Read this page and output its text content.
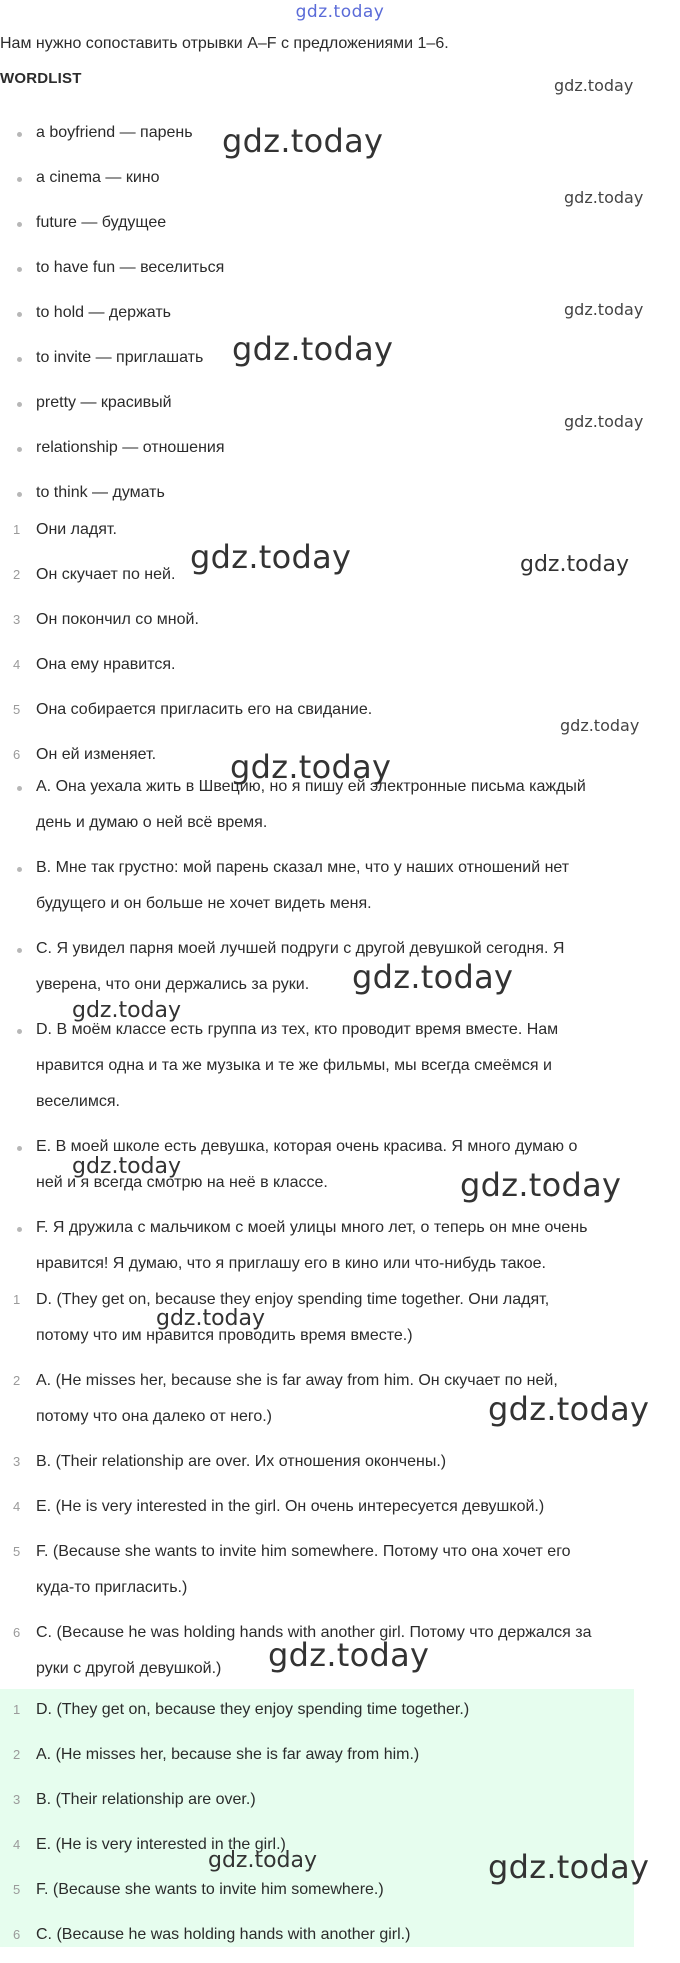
gdz.today
Нам нужно сопоставить отрывки A–F с предложениями 1–6.
WORDLIST
a boyfriend — парень
a cinema — кино
future — будущее
to have fun — веселиться
to hold — держать
to invite — приглашать
pretty — красивый
relationship — отношения
to think — думать
1 Они ладят.
2 Он скучает по ней.
3 Он покончил со мной.
4 Она ему нравится.
5 Она собирается пригласить его на свидание.
6 Он ей изменяет.
A. Она уехала жить в Швецию, но я пишу ей электронные письма каждый
день и думаю о ней всё время.
B. Мне так грустно: мой парень сказал мне, что у наших отношений нет
будущего и он больше не хочет видеть меня.
C. Я увидел парня моей лучшей подруги с другой девушкой сегодня. Я
уверена, что они держались за руки.
D. В моём классе есть группа из тех, кто проводит время вместе. Нам
нравится одна и та же музыка и те же фильмы, мы всегда смеёмся и
веселимся.
E. В моей школе есть девушка, которая очень красива. Я много думаю о
ней и я всегда смотрю на неё в классе.
F. Я дружила с мальчиком с моей улицы много лет, о теперь он мне очень
нравится! Я думаю, что я приглашу его в кино или что-нибудь такое.
1 D. (They get on, because they enjoy spending time together. Они ладят,
потому что им нравится проводить время вместе.)
2 A. (He misses her, because she is far away from him. Он скучает по ней,
потому что она далеко от него.)
3 B. (Their relationship are over. Их отношения окончены.)
4 E. (He is very interested in the girl. Он очень интересуется девушкой.)
5 F. (Because she wants to invite him somewhere. Потому что она хочет его
куда-то пригласить.)
6 C. (Because he was holding hands with another girl. Потому что держался за
руки с другой девушкой.)
1 D. (They get on, because they enjoy spending time together.)
2 A. (He misses her, because she is far away from him.)
3 B. (Their relationship are over.)
4 E. (He is very interested in the girl.)
5 F. (Because she wants to invite him somewhere.)
6 C. (Because he was holding hands with another girl.)
gdz.today
gdz.today
gdz.today
gdz.today
gdz.today
gdz.today
gdz.today	gdz.today
gdz.today
gdz.today
gdz.today
gdz.today
gdz.today	gdz.today
gdz.today
gdz.today
gdz.today
gdz.today	gdz.today
